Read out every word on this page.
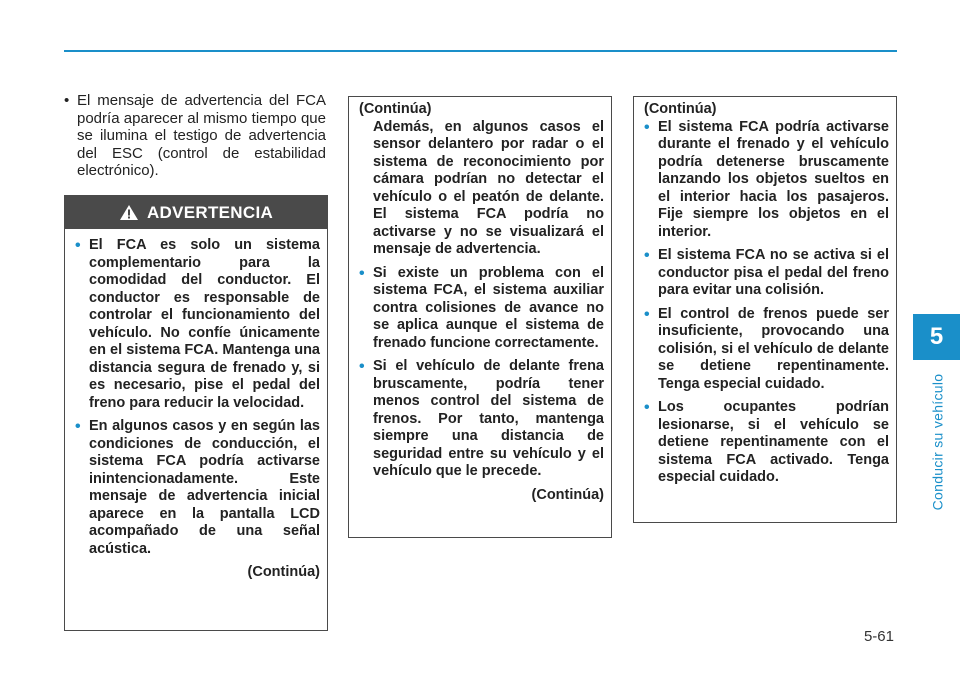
5
Conducir su vehículo
• El mensaje de advertencia del FCA podría aparecer al mismo tiempo que se ilumina el testigo de advertencia del ESC (control de estabilidad electrónico).
ADVERTENCIA
• El FCA es solo un sistema complementario para la comodidad del conductor. El conductor es responsable de controlar el funcionamiento del vehículo. No confíe únicamente en el sistema FCA. Mantenga una distancia segura de frenado y, si es necesario, pise el pedal del freno para reducir la velocidad.
• En algunos casos y en según las condiciones de conducción, el sistema FCA podría activarse inintencionadamente. Este mensaje de advertencia inicial aparece en la pantalla LCD acompañado de una señal acústica.
(Continúa)
(Continúa)
Además, en algunos casos el sensor delantero por radar o el sistema de reconocimiento por cámara podrían no detectar el vehículo o el peatón de delante. El sistema FCA podría no activarse y no se visualizará el mensaje de advertencia.
• Si existe un problema con el sistema FCA, el sistema auxiliar contra colisiones de avance no se aplica aunque el sistema de frenado funcione correctamente.
• Si el vehículo de delante frena bruscamente, podría tener menos control del sistema de frenos. Por tanto, mantenga siempre una distancia de seguridad entre su vehículo y el vehículo que le precede.
(Continúa)
(Continúa)
• El sistema FCA podría activarse durante el frenado y el vehículo podría detenerse bruscamente lanzando los objetos sueltos en el interior hacia los pasajeros. Fije siempre los objetos en el interior.
• El sistema FCA no se activa si el conductor pisa el pedal del freno para evitar una colisión.
• El control de frenos puede ser insuficiente, provocando una colisión, si el vehículo de delante se detiene repentinamente. Tenga especial cuidado.
• Los ocupantes podrían lesionarse, si el vehículo se detiene repentinamente con el sistema FCA activado. Tenga especial cuidado.
5-61
